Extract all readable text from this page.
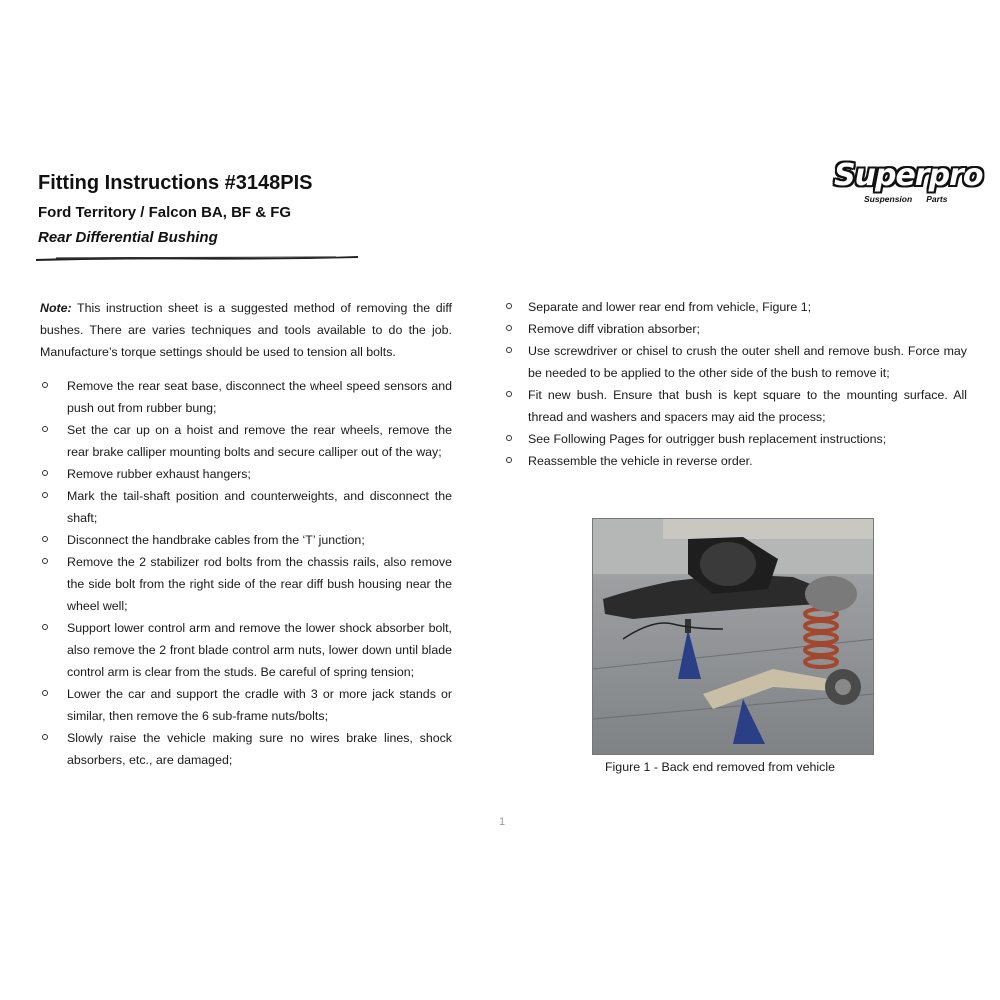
Fitting Instructions #3148PIS
Ford Territory / Falcon BA, BF & FG
Rear Differential Bushing
Superpro
Suspension Parts

Note: This instruction sheet is a suggested method of removing the diff bushes. There are varies techniques and tools available to do the job. Manufacture’s torque settings should be used to tension all bolts.

Remove the rear seat base, disconnect the wheel speed sensors and push out from rubber bung;
Set the car up on a hoist and remove the rear wheels, remove the rear brake calliper mounting bolts and secure calliper out of the way;
Remove rubber exhaust hangers;
Mark the tail-shaft position and counterweights, and disconnect the shaft;
Disconnect the handbrake cables from the ‘T’ junction;
Remove the 2 stabilizer rod bolts from the chassis rails, also remove the side bolt from the right side of the rear diff bush housing near the wheel well;
Support lower control arm and remove the lower shock absorber bolt, also remove the 2 front blade control arm nuts, lower down until blade control arm is clear from the studs. Be careful of spring tension;
Lower the car and support the cradle with 3 or more jack stands or similar, then remove the 6 sub-frame nuts/bolts;
Slowly raise the vehicle making sure no wires brake lines, shock absorbers, etc., are damaged;
Separate and lower rear end from vehicle, Figure 1;
Remove diff vibration absorber;
Use screwdriver or chisel to crush the outer shell and remove bush. Force may be needed to be applied to the other side of the bush to remove it;
Fit new bush. Ensure that bush is kept square to the mounting surface. All thread and washers and spacers may aid the process;
See Following Pages for outrigger bush replacement instructions;
Reassemble the vehicle in reverse order.
Figure 1 - Back end removed from vehicle
1
